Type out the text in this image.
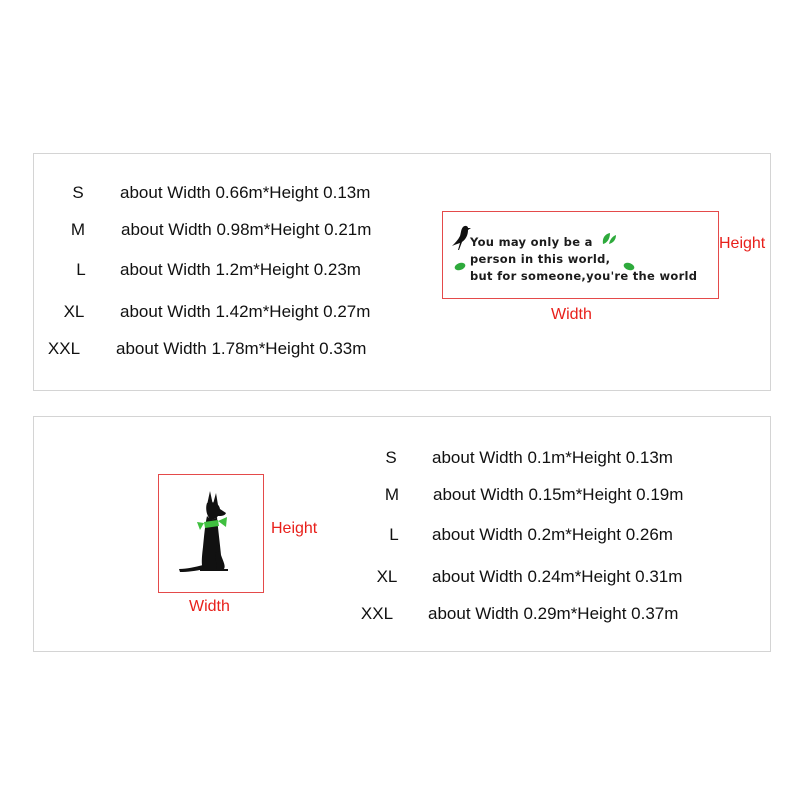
S	about Width 0.66m*Height 0.13m
M	about Width 0.98m*Height 0.21m
L	about Width 1.2m*Height 0.23m
XL	about Width 1.42m*Height 0.27m
XXL	about Width 1.78m*Height 0.33m
You may only be a
person in this world,
but for someone,you're the world
Height
Width
Height
Width
S	about Width 0.1m*Height 0.13m
M	about Width 0.15m*Height 0.19m
L	about Width 0.2m*Height 0.26m
XL	about Width 0.24m*Height 0.31m
XXL	about Width 0.29m*Height 0.37m
